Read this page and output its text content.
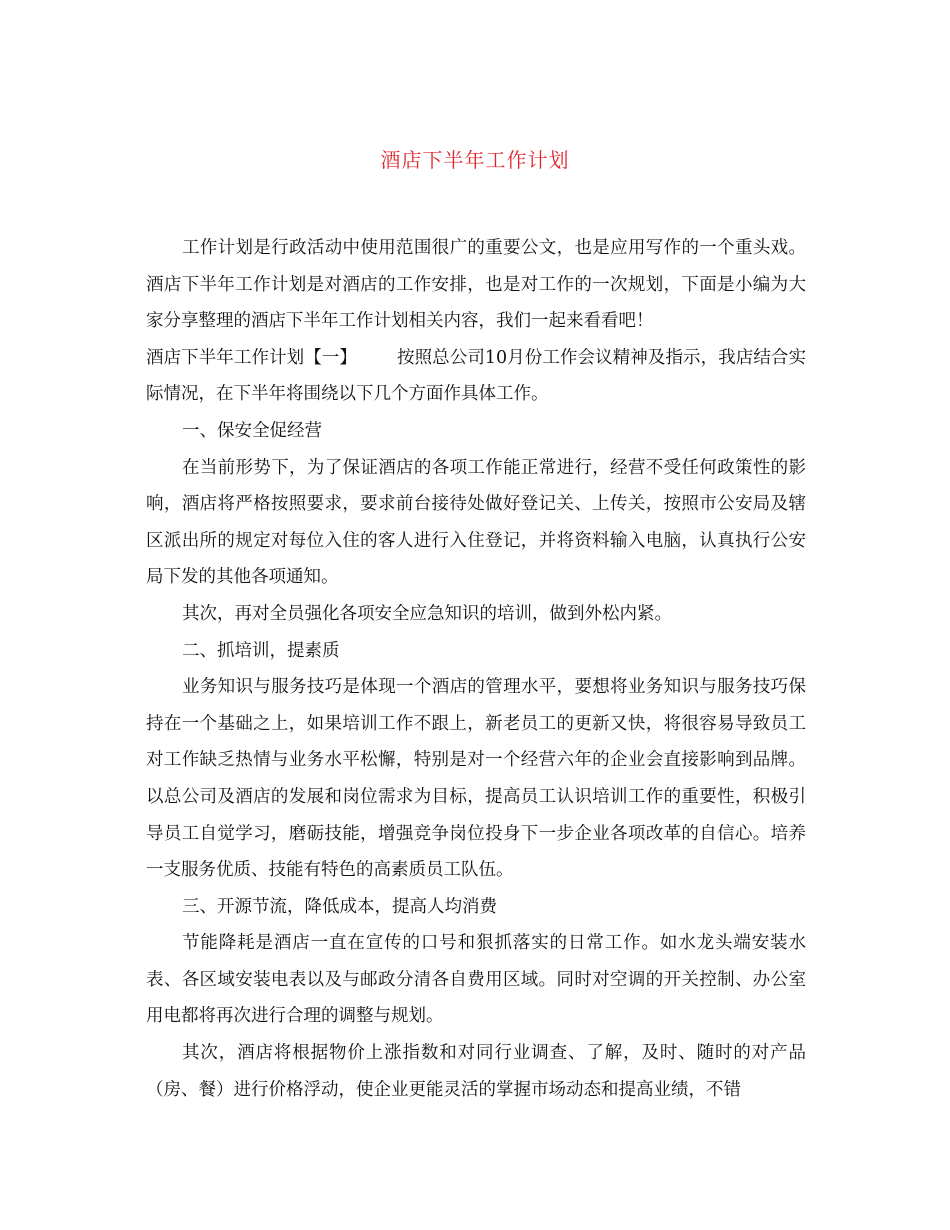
酒店下半年工作计划

工作计划是行政活动中使用范围很广的重要公文，也是应用写作的一个重头戏。酒店下半年工作计划是对酒店的工作安排，也是对工作的一次规划，下面是小编为大家分享整理的酒店下半年工作计划相关内容，我们一起来看看吧！

酒店下半年工作计划【一】 按照总公司10月份工作会议精神及指示，我店结合实际情况，在下半年将围绕以下几个方面作具体工作。

一、保安全促经营

在当前形势下，为了保证酒店的各项工作能正常进行，经营不受任何政策性的影响，酒店将严格按照要求，要求前台接待处做好登记关、上传关，按照市公安局及辖区派出所的规定对每位入住的客人进行入住登记，并将资料输入电脑，认真执行公安局下发的其他各项通知。

其次，再对全员强化各项安全应急知识的培训，做到外松内紧。

二、抓培训，提素质

业务知识与服务技巧是体现一个酒店的管理水平，要想将业务知识与服务技巧保持在一个基础之上，如果培训工作不跟上，新老员工的更新又快，将很容易导致员工对工作缺乏热情与业务水平松懈，特别是对一个经营六年的企业会直接影响到品牌。以总公司及酒店的发展和岗位需求为目标，提高员工认识培训工作的重要性，积极引导员工自觉学习，磨砺技能，增强竞争岗位投身下一步企业各项改革的自信心。培养一支服务优质、技能有特色的高素质员工队伍。

三、开源节流，降低成本，提高人均消费

节能降耗是酒店一直在宣传的口号和狠抓落实的日常工作。如水龙头端安装水表、各区域安装电表以及与邮政分清各自费用区域。同时对空调的开关控制、办公室用电都将再次进行合理的调整与规划。

其次，酒店将根据物价上涨指数和对同行业调查、了解，及时、随时的对产品（房、餐）进行价格浮动，使企业更能灵活的掌握市场动态和提高业绩，不错
